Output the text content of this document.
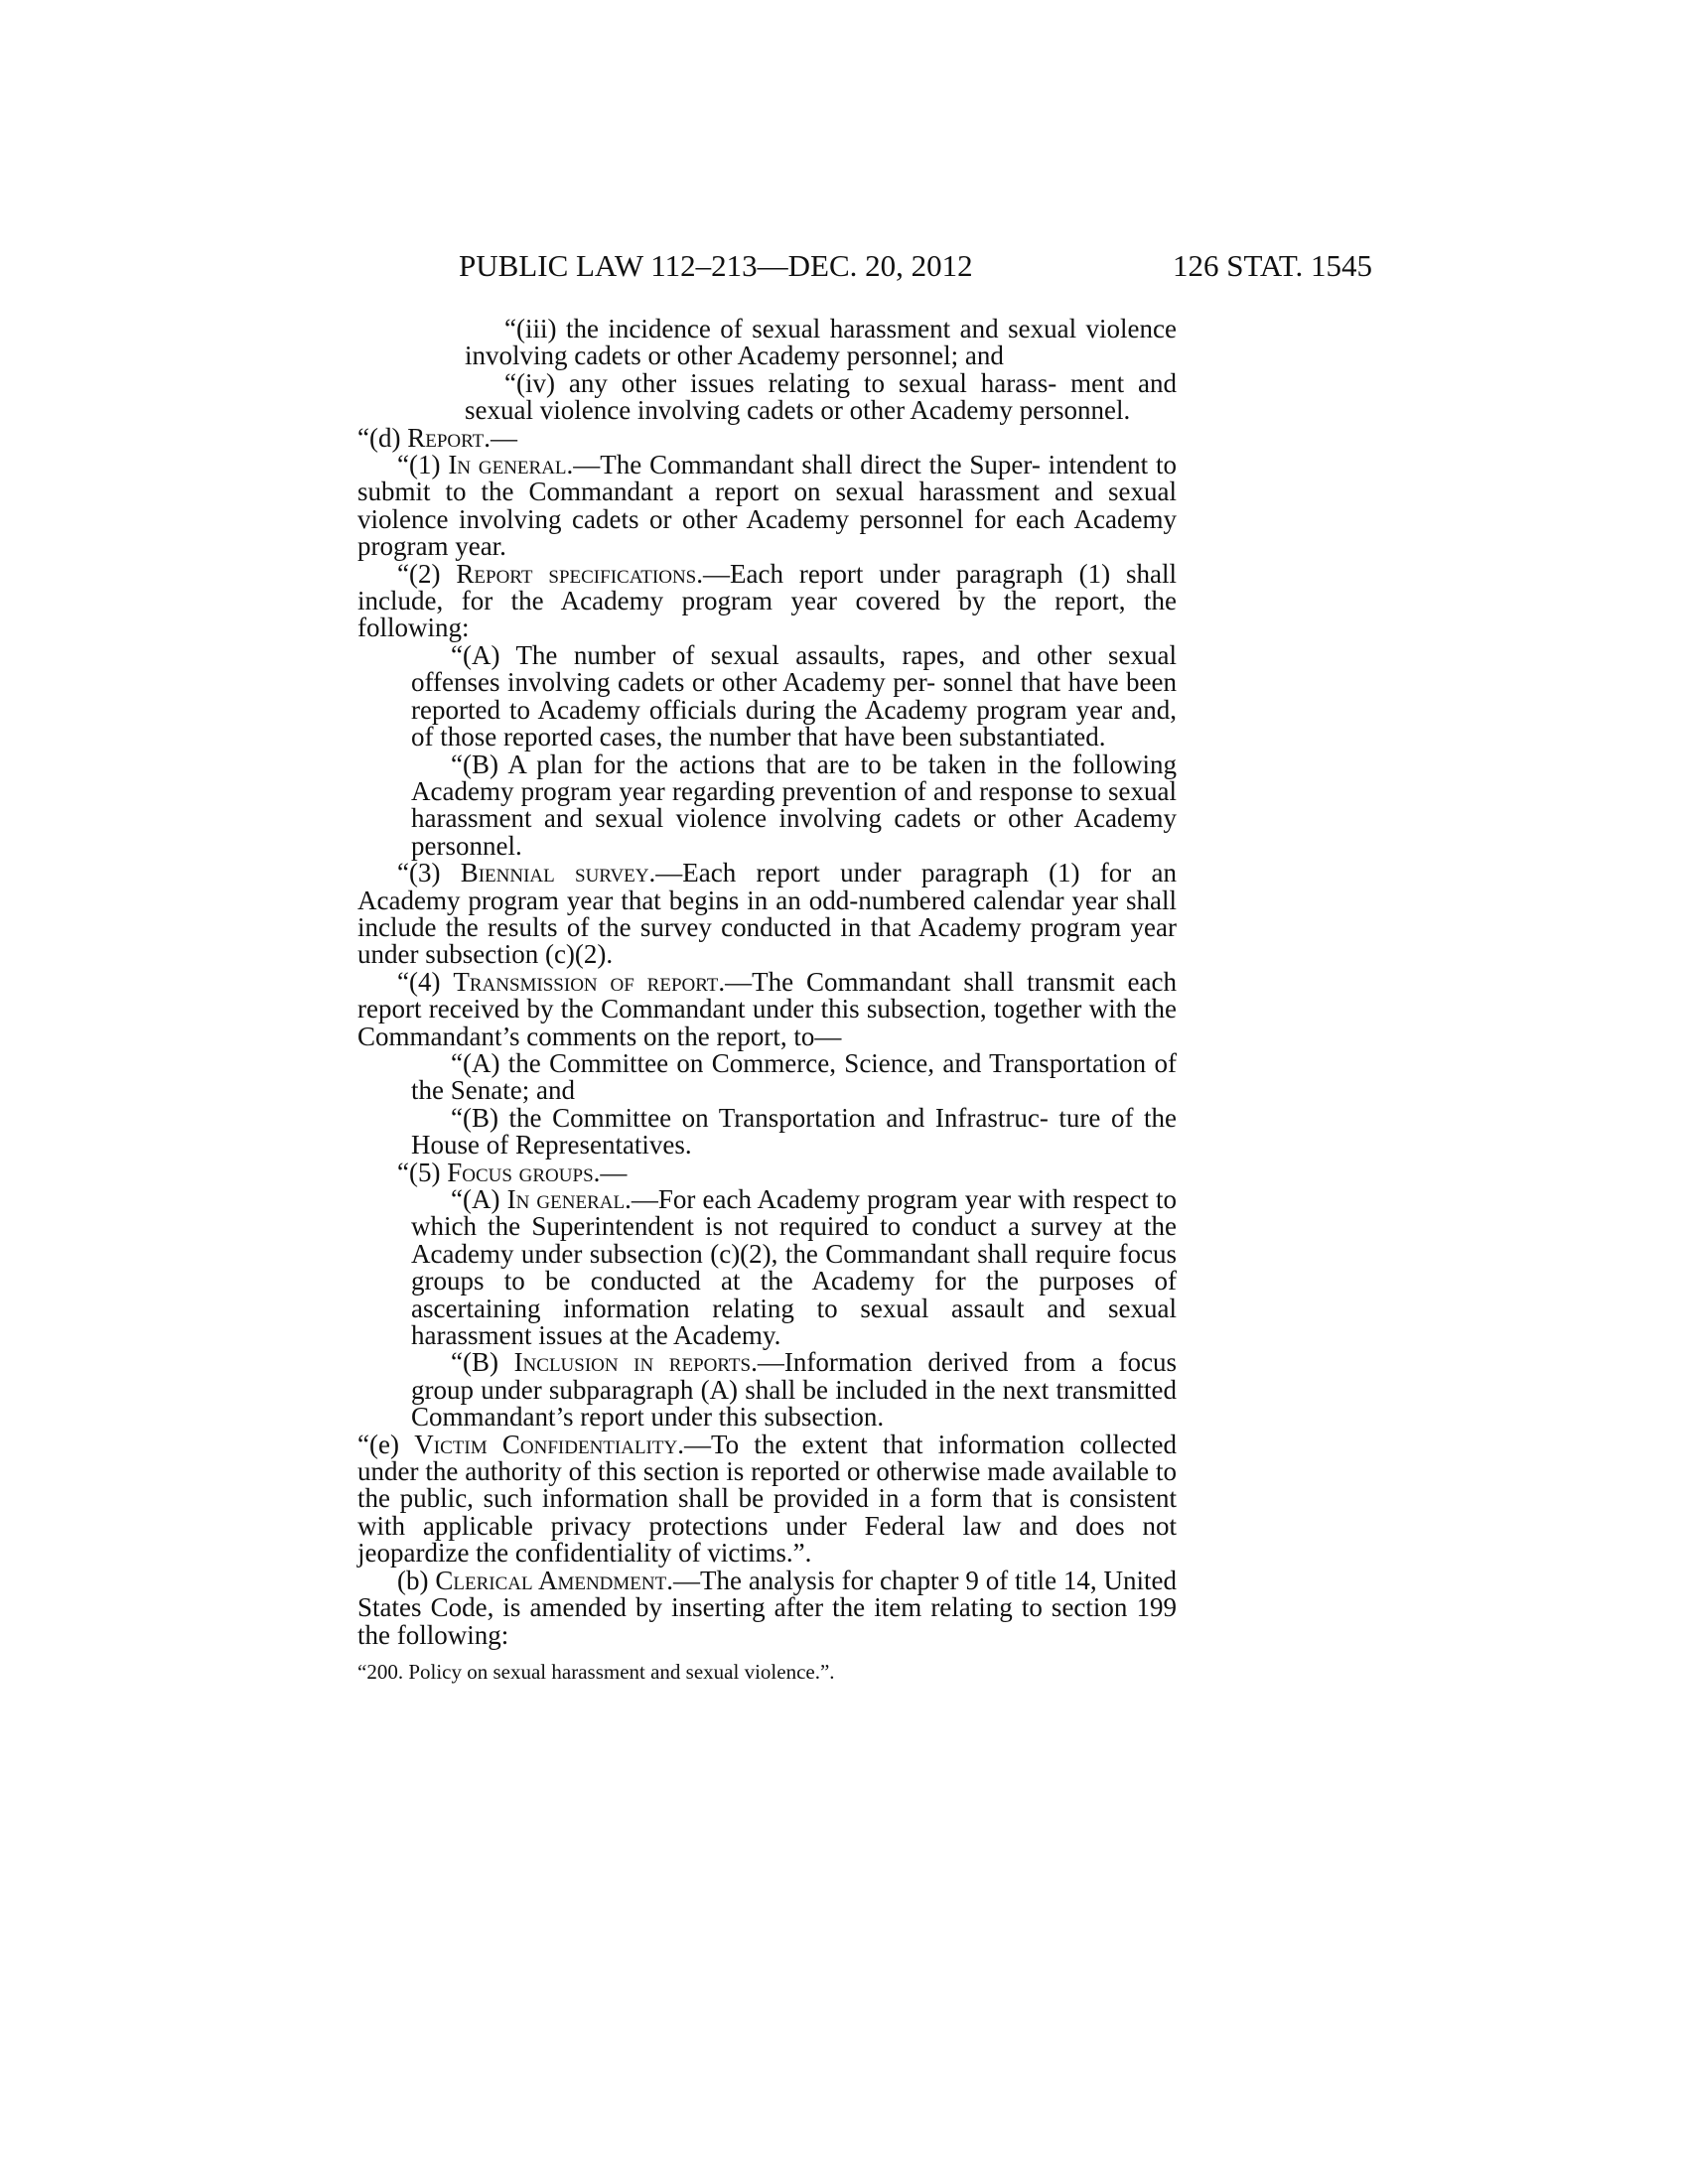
PUBLIC LAW 112–213—DEC. 20, 2012	126 STAT. 1545

“(iii) the incidence of sexual harassment and sexual violence involving cadets or other Academy personnel; and

“(iv) any other issues relating to sexual harass- ment and sexual violence involving cadets or other Academy personnel.

“(d) Report.—

“(1) In general.—The Commandant shall direct the Super- intendent to submit to the Commandant a report on sexual harassment and sexual violence involving cadets or other Academy personnel for each Academy program year.

“(2) Report specifications.—Each report under paragraph (1) shall include, for the Academy program year covered by the report, the following:

“(A) The number of sexual assaults, rapes, and other sexual offenses involving cadets or other Academy per- sonnel that have been reported to Academy officials during the Academy program year and, of those reported cases, the number that have been substantiated.

“(B) A plan for the actions that are to be taken in the following Academy program year regarding prevention of and response to sexual harassment and sexual violence involving cadets or other Academy personnel.

“(3) Biennial survey.—Each report under paragraph (1) for an Academy program year that begins in an odd-numbered calendar year shall include the results of the survey conducted in that Academy program year under subsection (c)(2).

“(4) Transmission of report.—The Commandant shall transmit each report received by the Commandant under this subsection, together with the Commandant’s comments on the report, to—

“(A) the Committee on Commerce, Science, and Transportation of the Senate; and

“(B) the Committee on Transportation and Infrastruc- ture of the House of Representatives.

“(5) Focus groups.—

“(A) In general.—For each Academy program year with respect to which the Superintendent is not required to conduct a survey at the Academy under subsection (c)(2), the Commandant shall require focus groups to be conducted at the Academy for the purposes of ascertaining information relating to sexual assault and sexual harassment issues at the Academy.

“(B) Inclusion in reports.—Information derived from a focus group under subparagraph (A) shall be included in the next transmitted Commandant’s report under this subsection.

“(e) Victim Confidentiality.—To the extent that information collected under the authority of this section is reported or otherwise made available to the public, such information shall be provided in a form that is consistent with applicable privacy protections under Federal law and does not jeopardize the confidentiality of victims.”.

(b) Clerical Amendment.—The analysis for chapter 9 of title 14, United States Code, is amended by inserting after the item relating to section 199 the following:

“200. Policy on sexual harassment and sexual violence.”.
